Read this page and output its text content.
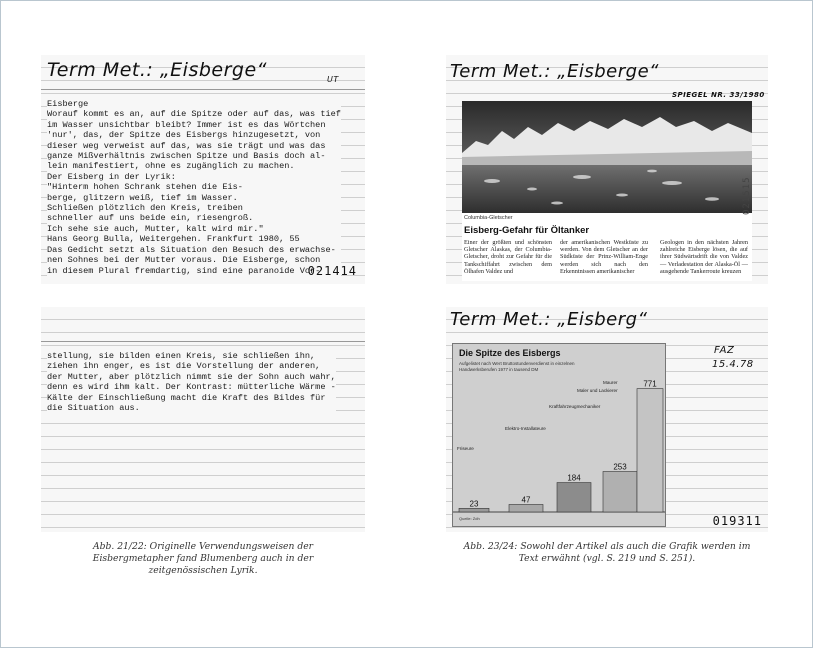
Term Met.: „Eisberge“	UT
Eisberge
Worauf kommt es an, auf die Spitze oder auf das, was tief
im Wasser unsichtbar bleibt? Immer ist es das Wörtchen
'nur', das, der Spitze des Eisbergs hinzugesetzt, von
dieser weg verweist auf das, was sie trägt und was das
ganze Mißverhältnis zwischen Spitze und Basis doch al-
lein manifestiert, ohne es zugänglich zu machen.
Der Eisberg in der Lyrik:
"Hinterm hohen Schrank stehen die Eis-
berge, glitzern weiß, tief im Wasser.
Schließen plötzlich den Kreis, treiben
schneller auf uns beide ein, riesengroß.
Ich sehe sie auch, Mutter, kalt wird mir."
Hans Georg Bulla, Weitergehen. Frankfurt 1980, 55
Das Gedicht setzt als Situation den Besuch des erwachse-
nen Sohnes bei der Mutter voraus. Die Eisberge, schon
in diesem Plural fremdartig, sind eine paranoide Vor-
021414
stellung, sie bilden einen Kreis, sie schließen ihn,
ziehen ihn enger, es ist die Vorstellung der anderen,
der Mutter, aber plötzlich nimmt sie der Sohn auch wahr,
denn es wird ihm kalt. Der Kontrast: mütterliche Wärme -
Kälte der Einschließung macht die Kraft des Bildes für
die Situation aus.
Term Met.: „Eisberge“
SPIEGEL NR. 33/1980
Columbia-Gletscher
Eisberg-Gefahr für Öltanker
Einer der größten und schönsten Gletscher Alaskas, der Columbia-Gletscher, droht zur Gefahr für die Tankschiffahrt zwischen dem Ölhafen Valdez und
der amerikanischen Westküste zu werden. Von dem Gletscher an der Südküste der Prinz-William-Enge werden sich nach den Erkenntnissen amerikanischer
Geologen in den nächsten Jahren zahlreiche Eisberge lösen, die auf ihrer Südwärtsdrift die von Valdez — Verladestation der Alaska-Öl — ausgehende Tankerroute kreuzen
021515
Term Met.: „Eisberg“
FAZ
15.4.78
Die Spitze des Eisbergs
Aufgelistet nach Wert Bruttostundenverdienst in einzelnen Handwerksberufen 1977 in tausend DM
23	47
184
253
771
Friseure
Elektro-Installateure
Kraftfahrzeugmechaniker
Maler und Lackierer
Maurer
Quelle: Zdh	019311
Abb. 21/22: Originelle Verwendungsweisen der Eisbergmetapher fand Blumenberg auch in der zeitgenössischen Lyrik.
Abb. 23/24: Sowohl der Artikel als auch die Grafik werden im Text erwähnt (vgl. S. 219 und S. 251).
